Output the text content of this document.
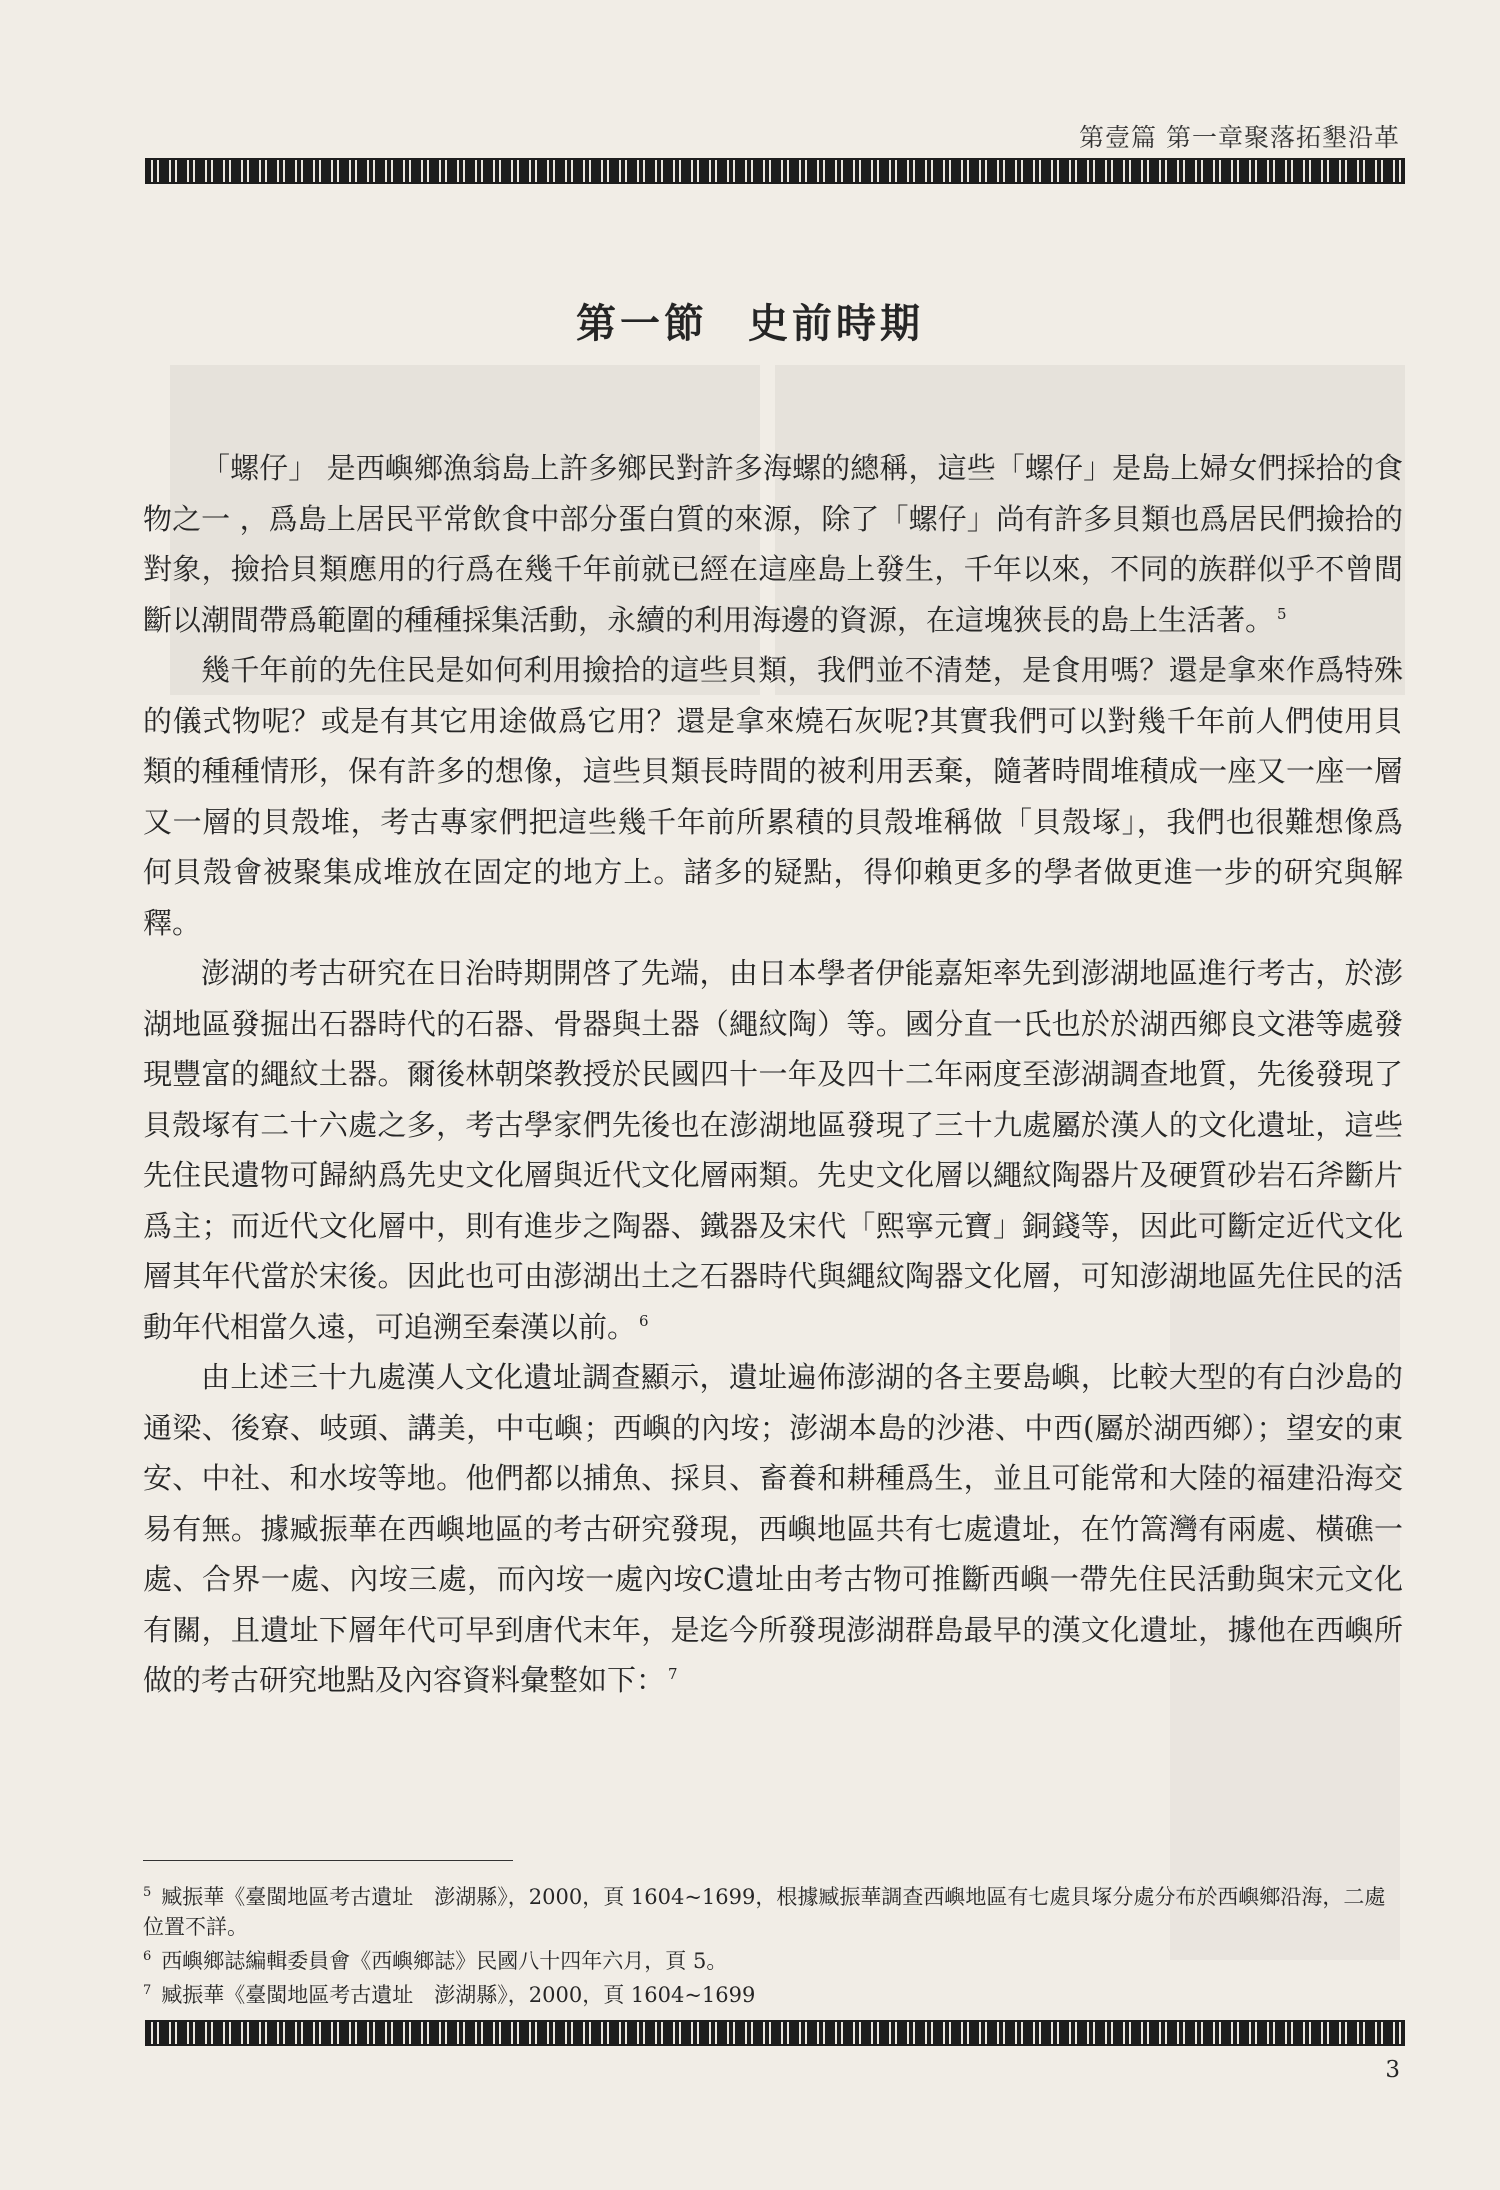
第壹篇 第一章聚落拓墾沿革
第一節 史前時期

「螺仔」 是西嶼鄉漁翁島上許多鄉民對許多海螺的總稱，這些「螺仔」是島上婦女們採拾的食物之一 ，爲島上居民平常飲食中部分蛋白質的來源，除了「螺仔」尚有許多貝類也爲居民們撿拾的對象，撿拾貝類應用的行爲在幾千年前就已經在這座島上發生，千年以來，不同的族群似乎不曾間斷以潮間帶爲範圍的種種採集活動，永續的利用海邊的資源，在這塊狹長的島上生活著。 $^5$

幾千年前的先住民是如何利用撿拾的這些貝類，我們並不清楚，是食用嗎？還是拿來作爲特殊的儀式物呢？或是有其它用途做爲它用？還是拿來燒石灰呢?其實我們可以對幾千年前人們使用貝類的種種情形，保有許多的想像，這些貝類長時間的被利用丟棄，隨著時間堆積成一座又一座一層又一層的貝殼堆，考古專家們把這些幾千年前所累積的貝殼堆稱做「貝殼塚」，我們也很難想像爲何貝殼會被聚集成堆放在固定的地方上。諸多的疑點，得仰賴更多的學者做更進一步的研究與解釋。

澎湖的考古研究在日治時期開啓了先端，由日本學者伊能嘉矩率先到澎湖地區進行考古，於澎湖地區發掘出石器時代的石器、骨器與土器（繩紋陶）等。國分直一氏也於於湖西鄉良文港等處發現豐富的繩紋土器。爾後林朝棨教授於民國四十一年及四十二年兩度至澎湖調查地質，先後發現了貝殼塚有二十六處之多，考古學家們先後也在澎湖地區發現了三十九處屬於漢人的文化遺址，這些先住民遺物可歸納爲先史文化層與近代文化層兩類。先史文化層以繩紋陶器片及硬質砂岩石斧斷片爲主；而近代文化層中，則有進步之陶器、鐵器及宋代「熙寧元寶」銅錢等，因此可斷定近代文化層其年代當於宋後。因此也可由澎湖出土之石器時代與繩紋陶器文化層，可知澎湖地區先住民的活動年代相當久遠，可追溯至秦漢以前。 $^6$

由上述三十九處漢人文化遺址調查顯示，遺址遍佈澎湖的各主要島嶼，比較大型的有白沙島的通梁、後寮、岐頭、講美，中屯嶼；西嶼的內垵；澎湖本島的沙港、中西(屬於湖西鄉）；望安的東安、中社、和水垵等地。他們都以捕魚、採貝、畜養和耕種爲生，並且可能常和大陸的福建沿海交易有無。據臧振華在西嶼地區的考古研究發現，西嶼地區共有七處遺址，在竹篙灣有兩處、橫礁一處、合界一處、內垵三處，而內垵一處內垵C遺址由考古物可推斷西嶼一帶先住民活動與宋元文化有關，且遺址下層年代可早到唐代末年，是迄今所發現澎湖群島最早的漢文化遺址，據他在西嶼所做的考古研究地點及內容資料彙整如下： $^7$

$^5$ 臧振華《臺閩地區考古遺址　澎湖縣》，2000，頁 1604~1699，根據臧振華調查西嶼地區有七處貝塚分處分布於西嶼鄉沿海，二處位置不詳。

$^6$ 西嶼鄉誌編輯委員會《西嶼鄉誌》民國八十四年六月，頁 5。

$^7$ 臧振華《臺閩地區考古遺址　澎湖縣》，2000，頁 1604~1699

3
